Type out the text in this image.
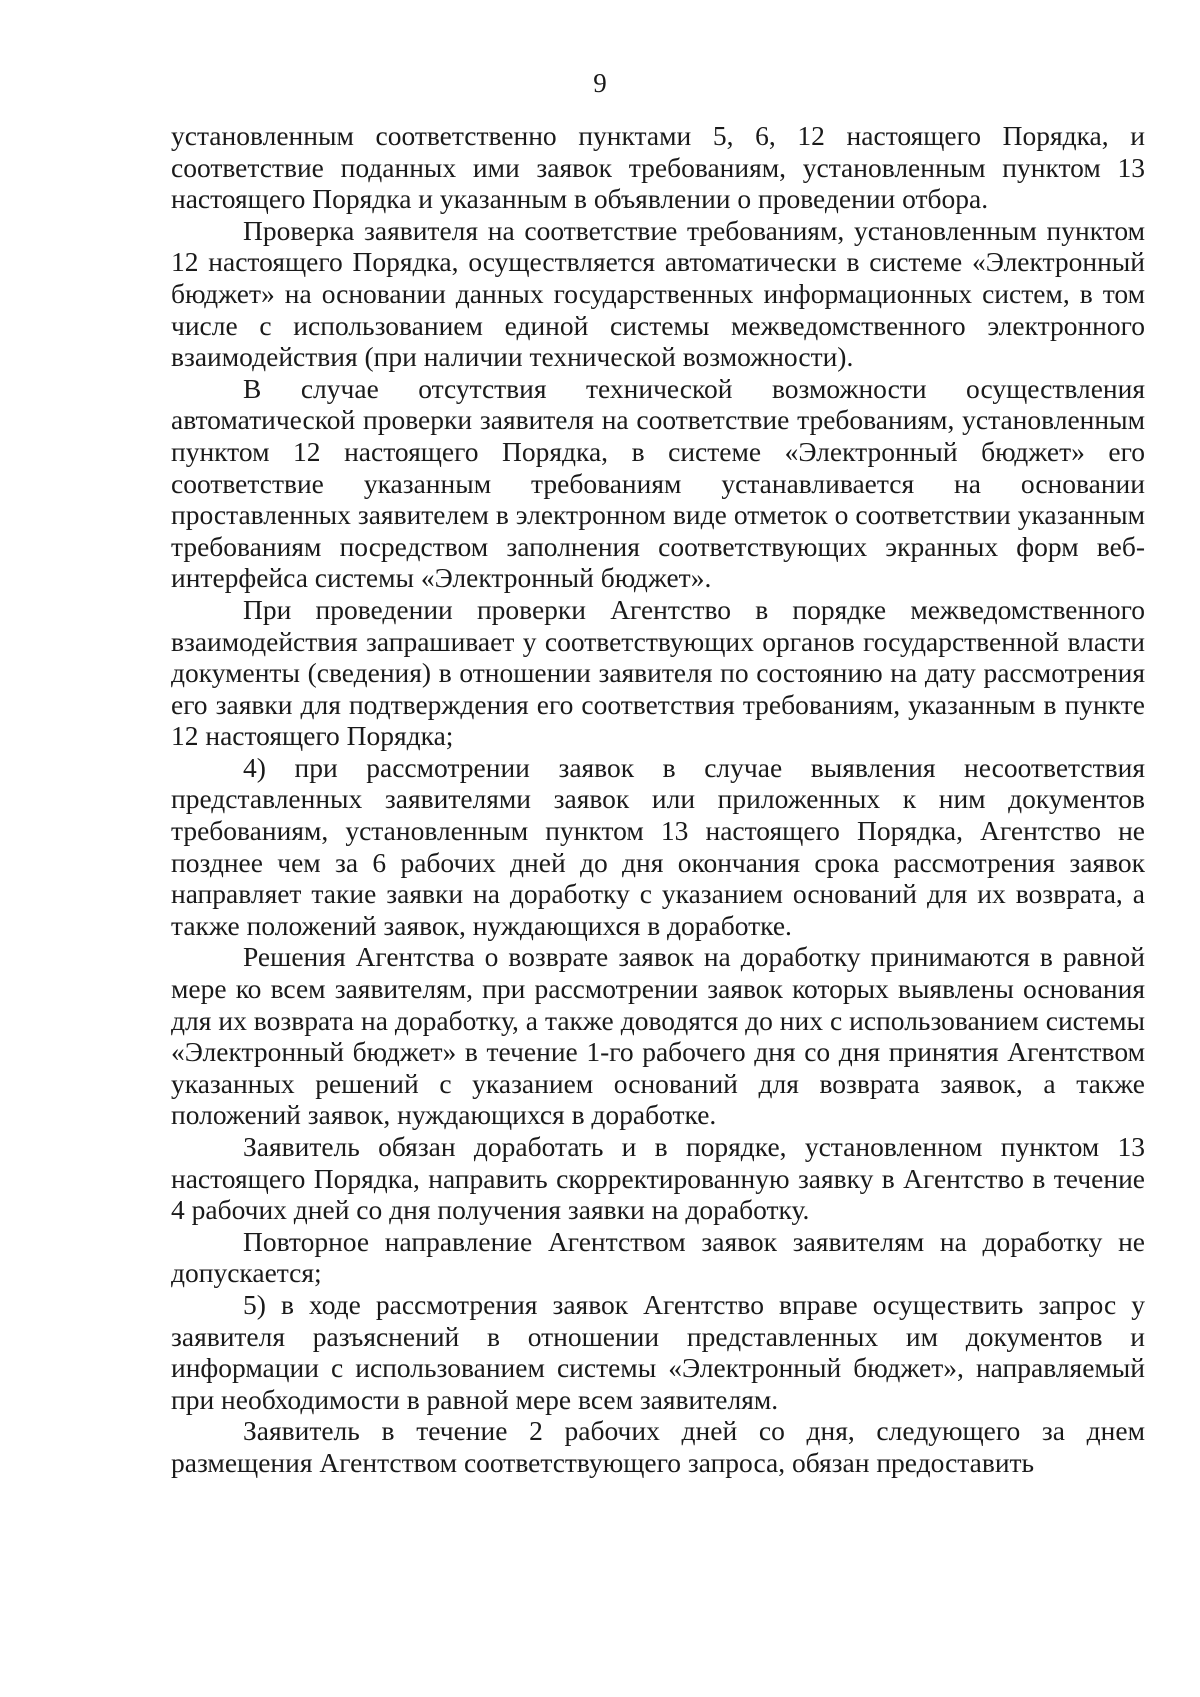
9

установленным соответственно пунктами 5, 6, 12 настоящего Порядка, и соответствие поданных ими заявок требованиям, установленным пунктом 13 настоящего Порядка и указанным в объявлении о проведении отбора.

Проверка заявителя на соответствие требованиям, установленным пунктом 12 настоящего Порядка, осуществляется автоматически в системе «Электронный бюджет» на основании данных государственных информационных систем, в том числе с использованием единой системы межведомственного электронного взаимодействия (при наличии технической возможности).

В случае отсутствия технической возможности осуществления автоматической проверки заявителя на соответствие требованиям, установленным пунктом 12 настоящего Порядка, в системе «Электронный бюджет» его соответствие указанным требованиям устанавливается на основании проставленных заявителем в электронном виде отметок о соответствии указанным требованиям посредством заполнения соответствующих экранных форм веб-интерфейса системы «Электронный бюджет».

При проведении проверки Агентство в порядке межведомственного взаимодействия запрашивает у соответствующих органов государственной власти документы (сведения) в отношении заявителя по состоянию на дату рассмотрения его заявки для подтверждения его соответствия требованиям, указанным в пункте 12 настоящего Порядка;

4) при рассмотрении заявок в случае выявления несоответствия представленных заявителями заявок или приложенных к ним документов требованиям, установленным пунктом 13 настоящего Порядка, Агентство не позднее чем за 6 рабочих дней до дня окончания срока рассмотрения заявок направляет такие заявки на доработку с указанием оснований для их возврата, а также положений заявок, нуждающихся в доработке.

Решения Агентства о возврате заявок на доработку принимаются в равной мере ко всем заявителям, при рассмотрении заявок которых выявлены основания для их возврата на доработку, а также доводятся до них с использованием системы «Электронный бюджет» в течение 1-го рабочего дня со дня принятия Агентством указанных решений с указанием оснований для возврата заявок, а также положений заявок, нуждающихся в доработке.

Заявитель обязан доработать и в порядке, установленном пунктом 13 настоящего Порядка, направить скорректированную заявку в Агентство в течение 4 рабочих дней со дня получения заявки на доработку.

Повторное направление Агентством заявок заявителям на доработку не допускается;

5) в ходе рассмотрения заявок Агентство вправе осуществить запрос у заявителя разъяснений в отношении представленных им документов и информации с использованием системы «Электронный бюджет», направляемый при необходимости в равной мере всем заявителям.

Заявитель в течение 2 рабочих дней со дня, следующего за днем размещения Агентством соответствующего запроса, обязан предоставить
